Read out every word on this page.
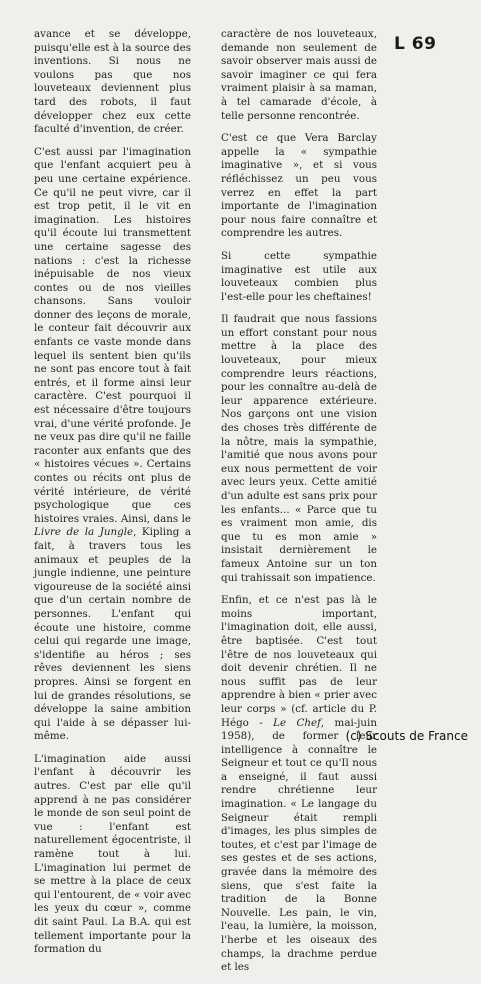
L 69

avance et se développe, puisqu'elle est à la source des inventions. Si nous ne voulons pas que nos louveteaux deviennent plus tard des robots, il faut développer chez eux cette faculté d'invention, de créer.

C'est aussi par l'imagination que l'enfant acquiert peu à peu une certaine expérience. Ce qu'il ne peut vivre, car il est trop petit, il le vit en imagination. Les histoires qu'il écoute lui transmettent une certaine sagesse des nations : c'est la richesse inépuisable de nos vieux contes ou de nos vieilles chansons. Sans vouloir donner des leçons de morale, le conteur fait découvrir aux enfants ce vaste monde dans lequel ils sentent bien qu'ils ne sont pas encore tout à fait entrés, et il forme ainsi leur caractère. C'est pourquoi il est nécessaire d'être toujours vrai, d'une vérité profonde. Je ne veux pas dire qu'il ne faille raconter aux enfants que des « histoires vécues ». Certains contes ou récits ont plus de vérité intérieure, de vérité psychologique que ces histoires vraies. Ainsi, dans le Livre de la Jungle, Kipling a fait, à travers tous les animaux et peuples de la jungle indienne, une peinture vigoureuse de la société ainsi que d'un certain nombre de personnes. L'enfant qui écoute une histoire, comme celui qui regarde une image, s'identifie au héros ; ses rêves deviennent les siens propres. Ainsi se forgent en lui de grandes résolutions, se développe la saine ambition qui l'aide à se dépasser lui-même.

L'imagination aide aussi l'enfant à découvrir les autres. C'est par elle qu'il apprend à ne pas considérer le monde de son seul point de vue : l'enfant est naturellement égocentriste, il ramène tout à lui. L'imagination lui permet de se mettre à la place de ceux qui l'entourent, de « voir avec les yeux du cœur », comme dit saint Paul. La B.A. qui est tellement importante pour la formation du

caractère de nos louveteaux, demande non seulement de savoir observer mais aussi de savoir imaginer ce qui fera vraiment plaisir à sa maman, à tel camarade d'école, à telle personne rencontrée.

C'est ce que Vera Barclay appelle la « sympathie imaginative », et si vous réfléchissez un peu vous verrez en effet la part importante de l'imagination pour nous faire connaître et comprendre les autres.

Si cette sympathie imaginative est utile aux louveteaux combien plus l'est-elle pour les cheftaines!

Il faudrait que nous fassions un effort constant pour nous mettre à la place des louveteaux, pour mieux comprendre leurs réactions, pour les connaître au-delà de leur apparence extérieure. Nos garçons ont une vision des choses très différente de la nôtre, mais la sympathie, l'amitié que nous avons pour eux nous permettent de voir avec leurs yeux. Cette amitié d'un adulte est sans prix pour les enfants... « Parce que tu es vraiment mon amie, dis que tu es mon amie » insistait dernièrement le fameux Antoine sur un ton qui trahissait son impatience.

Enfin, et ce n'est pas là le moins important, l'imagination doit, elle aussi, être baptisée. C'est tout l'être de nos louveteaux qui doit devenir chrétien. Il ne nous suffit pas de leur apprendre à bien « prier avec leur corps » (cf. article du P. Hégo - Le Chef, mai-juin 1958), de former leur intelligence à connaître le Seigneur et tout ce qu'Il nous a enseigné, il faut aussi rendre chrétienne leur imagination. « Le langage du Seigneur était rempli d'images, les plus simples de toutes, et c'est par l'image de ses gestes et de ses actions, gravée dans la mémoire des siens, que s'est faite la tradition de la Bonne Nouvelle. Les pain, le vin, l'eau, la lumière, la moisson, l'herbe et les oiseaux des champs, la drachme perdue et les

(c) Scouts de France
